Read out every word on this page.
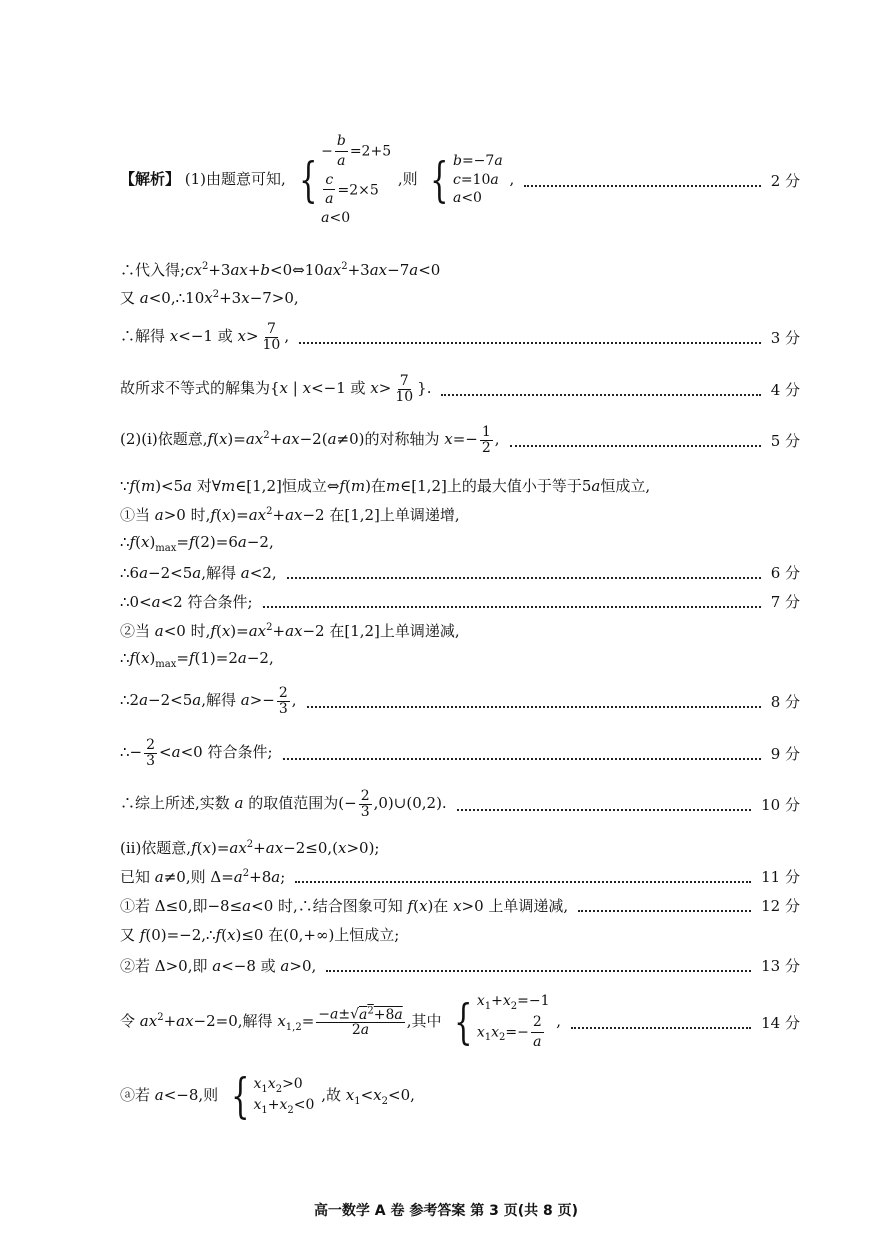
【解析】 (1)由题意可知, {
− $\frac{b}{a} =2+5$
$\frac{c}{a} =2\times 5$
a<0
,则 { b=−7a
c=10a
a<0
,	2 分
∴代入得$;cx^2+3ax+b<0\Leftrightarrow 10ax^2+3ax-7a<0$
又 $a<0,\therefore 10x^2+3x-7>0$,
∴解得 x<−1 或 $x> \frac{7}{10}$ ,	3 分
故所求不等式的解集为{x | x<−1 或 $x> \frac{7}{10}$ }.	4 分
(2)(i)依题意$,f(x)=ax^2+ax-2(a\ne 0)$的对称轴为 $x=- \frac{1}{2}$ ,	5 分
∵f(m)<5a 对∀m∈[1,2]恒成立⇔f(m)在m∈[1,2]上的最大值小于等于5a恒成立,
①当 a>0 时$,f(x)=ax^2+ax-2$ 在[1,2]上单调递增,
$\therefore f(x)_{max}=f(2)=6a-2$,
∴6a−2<5a,解得 a<2,	6 分
∴0<a<2 符合条件;	7 分
②当 a<0 时$,f(x)=ax^2+ax-2$ 在[1,2]上单调递减,
$\therefore f(x)_{max}=f(1)=2a-2$,
∴2a−2<5a,解得 $a>- \frac{2}{3}$ ,	8 分
∴− $\frac{2}{3} <a<0$ 符合条件;	9 分
∴综上所述,实数 a 的取值范围为(− $\frac{2}{3}$ ,0)∪(0,2).	10 分
(ii)依题意$,f(x)=ax^2+ax-2\le 0,(x>0)$;
已知 a≠0,则 $\Delta=a^2+8a$;	11 分
①若 Δ≤0,即−8≤a<0 时,∴结合图象可知 f(x)在 x>0 上单调递减,	12 分
又 f(0)=−2,∴f(x)≤0 在(0,+∞)上恒成立;
②若 Δ>0,即 a<−8 或 a>0,	13 分
令 $ax^2+ax-2=0$,解得 $x_{1,2}= \frac{-a\pm√a^2+8a}{2a}$ ,其中 { $x_1+x_2=-1$
$x_1x_2=- \frac{2}{a}$ ,	14 分
ⓐ若 a<−8,则 { $x_1x_2>0$
$x_1+x_2<0$
,故 $x_1<x_2<0$,
高一数学 A 卷 参考答案 第 3 页(共 8 页)
